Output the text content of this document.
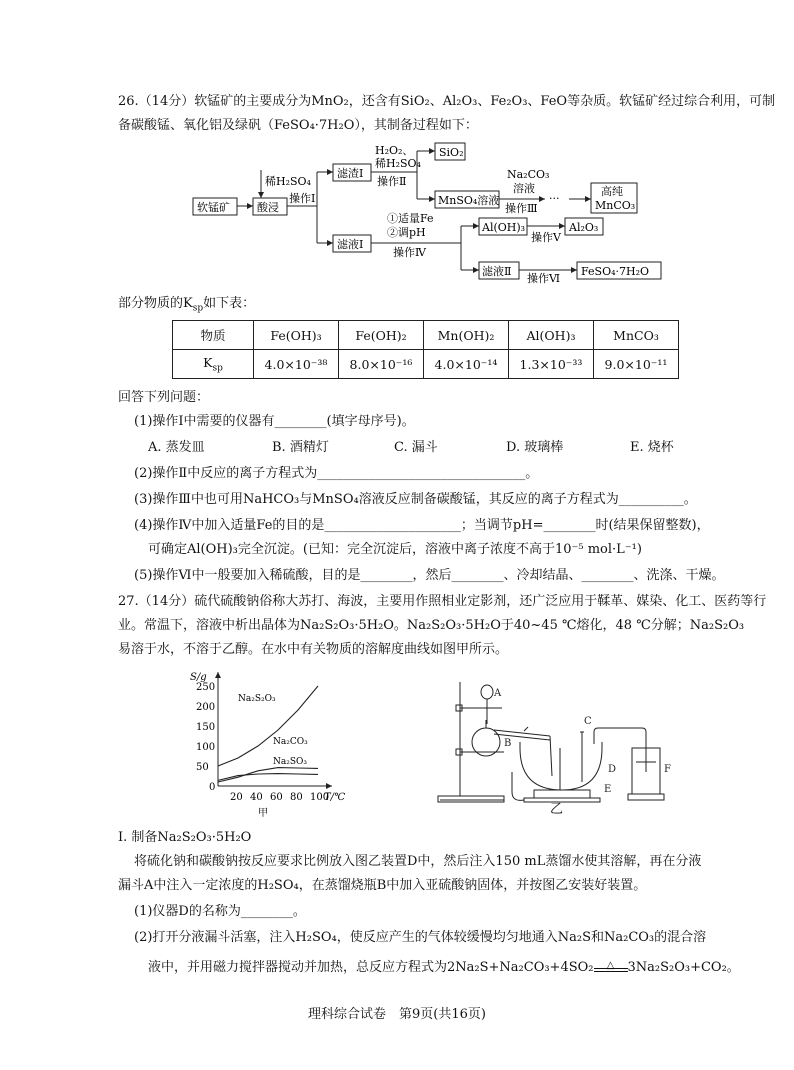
26.（14分）软锰矿的主要成分为MnO₂，还含有SiO₂、Al₂O₃、Fe₂O₃、FeO等杂质。软锰矿经过综合利用，可制
备碳酸锰、氧化铝及绿矾（FeSO₄·7H₂O），其制备过程如下：
软锰矿 酸浸
稀H₂SO₄
操作Ⅰ
滤渣Ⅰ
H₂O₂、
稀H₂SO₄
操作Ⅱ
SiO₂
MnSO₄溶液
Na₂CO₃
溶液
操作Ⅲ
···
高纯
MnCO₃
滤液Ⅰ
①适量Fe
②调pH
操作Ⅳ
Al(OH)₃
操作Ⅴ
Al₂O₃
滤液Ⅱ
操作Ⅵ
FeSO₄·7H₂O
部分物质的$K_{sp}$如下表：
物质	Fe(OH)₃	Fe(OH)₂	Mn(OH)₂	Al(OH)₃	MnCO₃
$K_{sp}$	4.0×10⁻³⁸	8.0×10⁻¹⁶	4.0×10⁻¹⁴	1.3×10⁻³³	9.0×10⁻¹¹
回答下列问题：
(1)操作Ⅰ中需要的仪器有________(填字母序号)。
A. 蒸发皿	B. 酒精灯	C. 漏斗	D. 玻璃棒	E. 烧杯
(2)操作Ⅱ中反应的离子方程式为________________________________。
(3)操作Ⅲ中也可用NaHCO₃与MnSO₄溶液反应制备碳酸锰，其反应的离子方程式为__________。
(4)操作Ⅳ中加入适量Fe的目的是_____________________；当调节pH=________时(结果保留整数)，
可确定Al(OH)₃完全沉淀。(已知：完全沉淀后，溶液中离子浓度不高于10⁻⁵ mol·L⁻¹)
(5)操作Ⅵ中一般要加入稀硫酸，目的是________，然后________、冷却结晶、________、洗涤、干燥。
27.（14分）硫代硫酸钠俗称大苏打、海波，主要用作照相业定影剂，还广泛应用于鞣革、媒染、化工、医药等行
业。常温下，溶液中析出晶体为Na₂S₂O₃·5H₂O。Na₂S₂O₃·5H₂O于40~45 ℃熔化，48 ℃分解；Na₂S₂O₃
易溶于水，不溶于乙醇。在水中有关物质的溶解度曲线如图甲所示。
S/g
T/℃
0
50
100
150
200
250
20 40 60 80 100
Na₂S₂O₃
Na₂CO₃
Na₂SO₃
甲
A
B
C
D
E
F
乙
Ⅰ. 制备Na₂S₂O₃·5H₂O
将硫化钠和碳酸钠按反应要求比例放入图乙装置D中，然后注入150 mL蒸馏水使其溶解，再在分液
漏斗A中注入一定浓度的H₂SO₄，在蒸馏烧瓶B中加入亚硫酸钠固体，并按图乙安装好装置。
(1)仪器D的名称为________。
(2)打开分液漏斗活塞，注入H₂SO₄，使反应产生的气体较缓慢均匀地通入Na₂S和Na₂CO₃的混合溶
液中，并用磁力搅拌器搅动并加热，总反应方程式为2Na₂S+Na₂CO₃+4SO₂	△	3Na₂S₂O₃+CO₂。
理科综合试卷　第9页(共16页)
